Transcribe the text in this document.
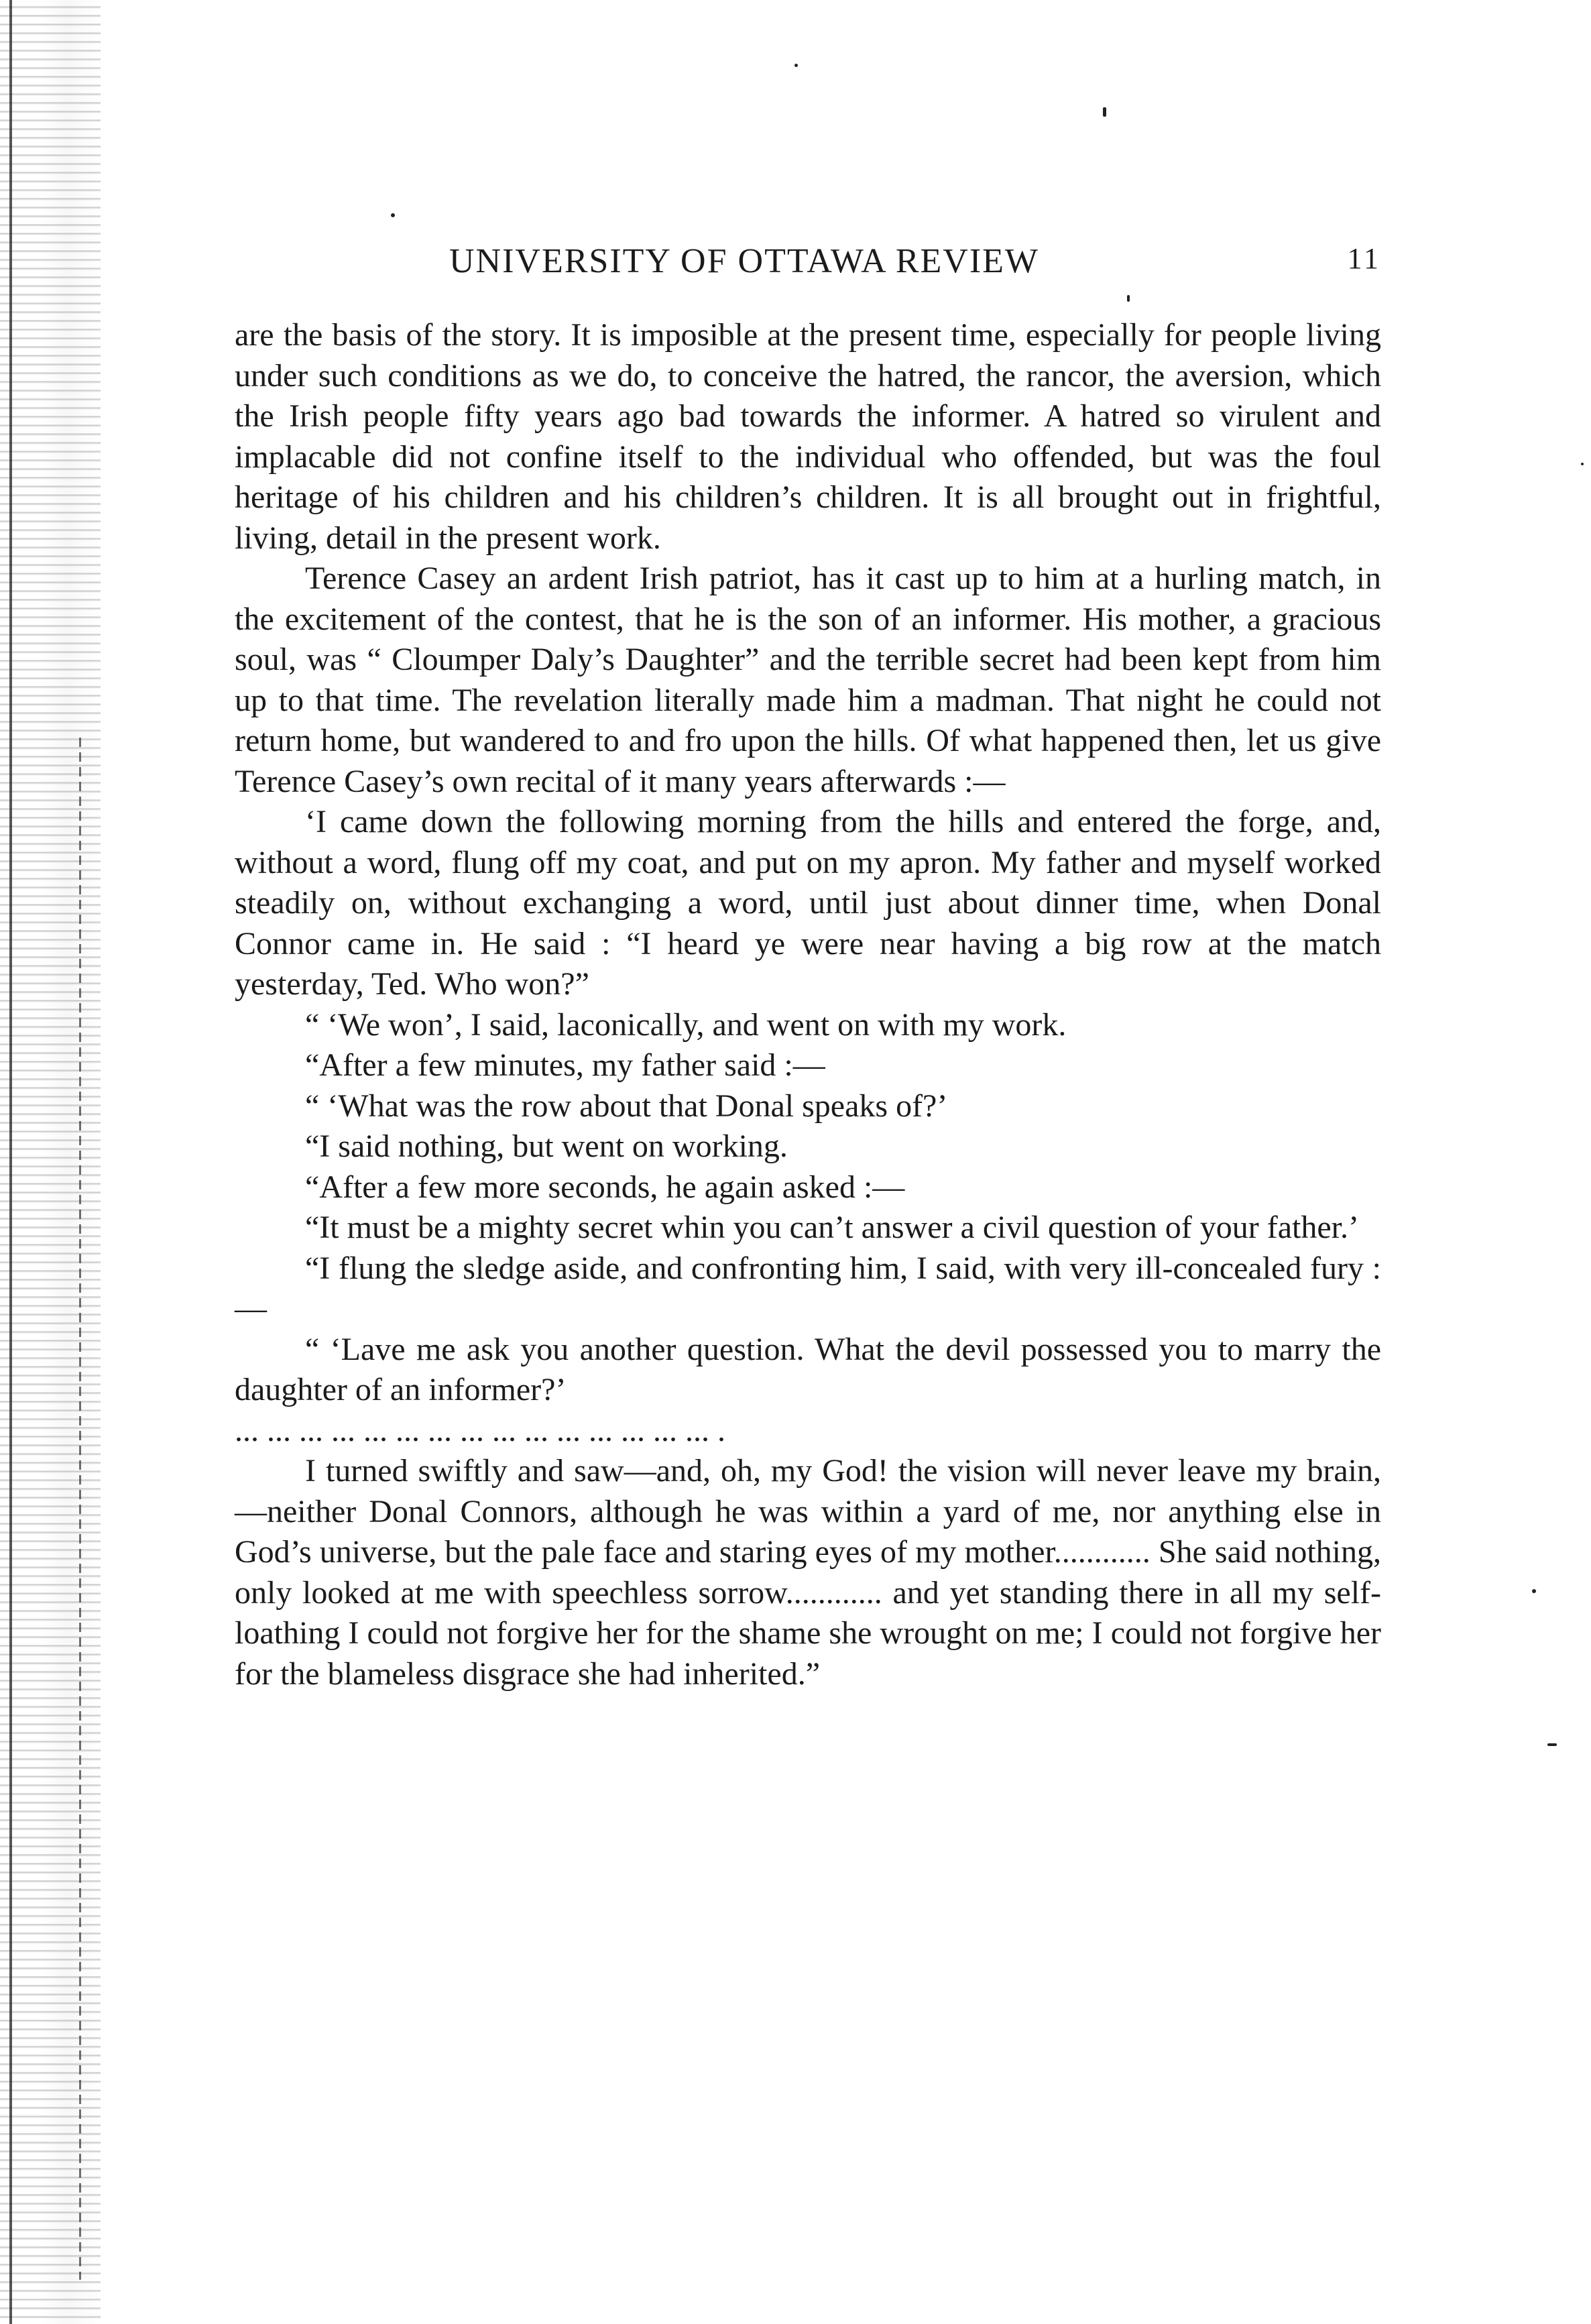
UNIVERSITY OF OTTAWA REVIEW	11

are the basis of the story. It is imposible at the present time, especially for people living under such conditions as we do, to conceive the hatred, the rancor, the aversion, which the Irish people fifty years ago bad towards the informer. A hatred so virulent and implacable did not confine itself to the individual who offended, but was the foul heritage of his children and his children’s children. It is all brought out in frightful, living, detail in the present work.

Terence Casey an ardent Irish patriot, has it cast up to him at a hurling match, in the excitement of the contest, that he is the son of an informer. His mother, a gracious soul, was “ Cloumper Daly’s Daughter” and the terrible secret had been kept from him up to that time. The revelation literally made him a madman. That night he could not return home, but wandered to and fro upon the hills. Of what happened then, let us give Terence Casey’s own recital of it many years afterwards :—

‘I came down the following morning from the hills and entered the forge, and, without a word, flung off my coat, and put on my apron. My father and myself worked steadily on, without exchanging a word, until just about dinner time, when Donal Connor came in. He said : “I heard ye were near having a big row at the match yesterday, Ted. Who won?”

“ ‘We won’, I said, laconically, and went on with my work.

“After a few minutes, my father said :—

“ ‘What was the row about that Donal speaks of?’

“I said nothing, but went on working.

“After a few more seconds, he again asked :—

“It must be a mighty secret whin you can’t answer a civil question of your father.’

“I flung the sledge aside, and confronting him, I said, with very ill-concealed fury :—

“ ‘Lave me ask you another question. What the devil possessed you to marry the daughter of an informer?’

... ... ... ... ... ... ... ... ... ... ... ... ... ... ... .

I turned swiftly and saw—and, oh, my God! the vision will never leave my brain,—neither Donal Connors, although he was within a yard of me, nor anything else in God’s universe, but the pale face and staring eyes of my mother............ She said nothing, only looked at me with speechless sorrow............ and yet standing there in all my self-loathing I could not forgive her for the shame she wrought on me; I could not forgive her for the blameless disgrace she had inherited.”
